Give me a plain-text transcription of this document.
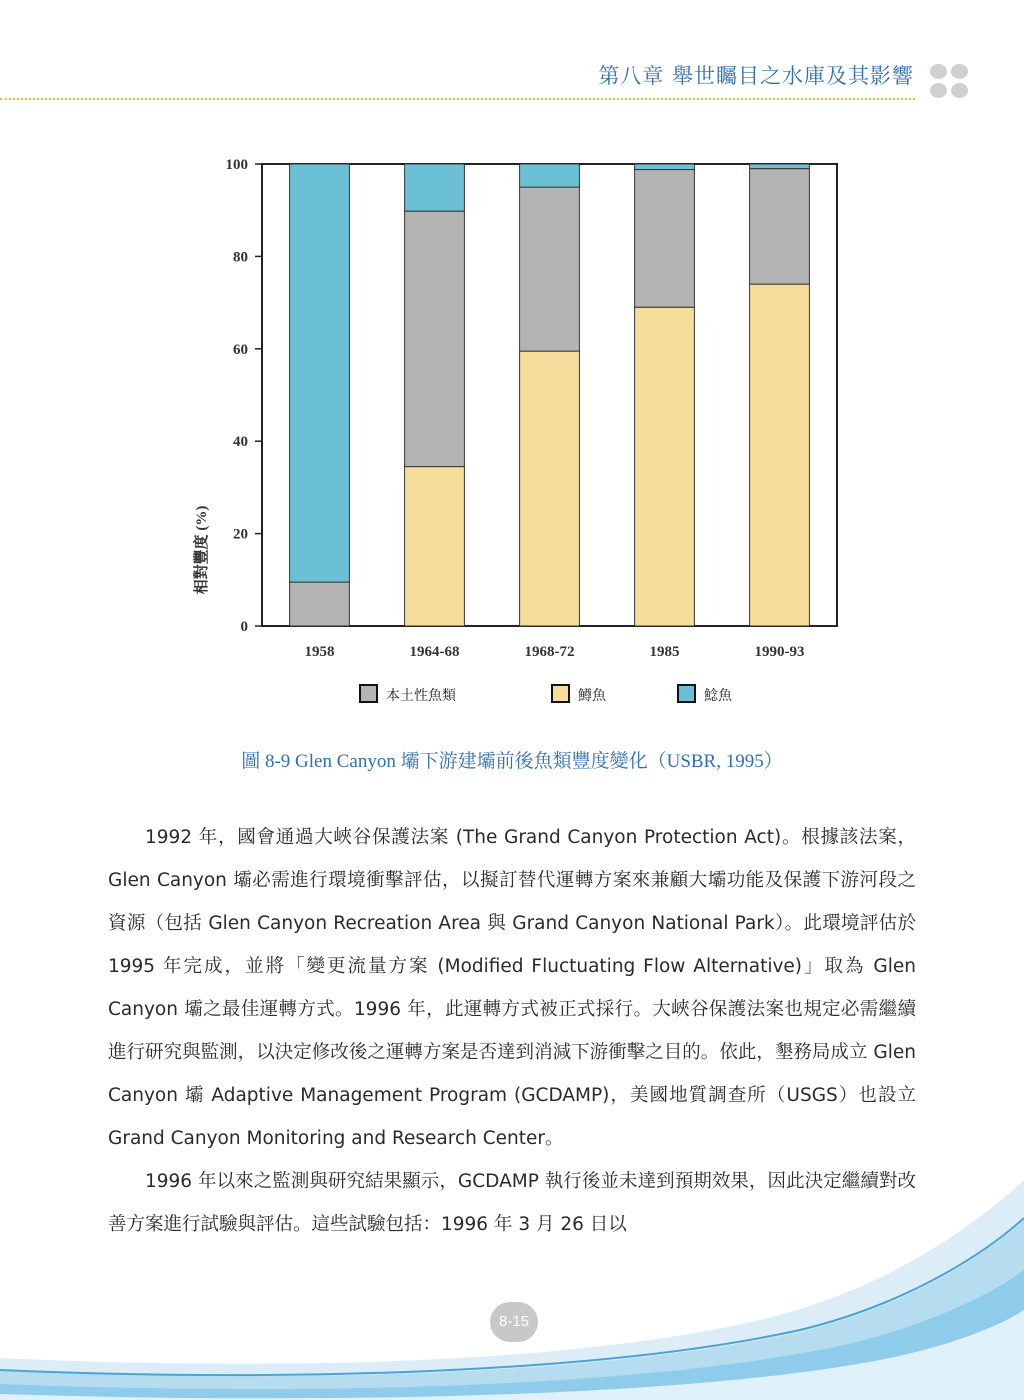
第八章 舉世矚目之水庫及其影響
0
20
40
60
80
100
1958	1964-68	1968-72	1985	1990-93
相對豐度 (%)
本土性魚類	鱒魚	鯰魚
圖 8-9 Glen Canyon 壩下游建壩前後魚類豐度變化（USBR, 1995）

1992 年，國會通過大峽谷保護法案 (The Grand Canyon Protection Act)。根據該法案，Glen Canyon 壩必需進行環境衝擊評估，以擬訂替代運轉方案來兼顧大壩功能及保護下游河段之資源（包括 Glen Canyon Recreation Area 與 Grand Canyon National Park）。此環境評估於 1995 年完成，並將「變更流量方案 (Modified Fluctuating Flow Alternative)」取為 Glen Canyon 壩之最佳運轉方式。1996 年，此運轉方式被正式採行。大峽谷保護法案也規定必需繼續進行研究與監測，以決定修改後之運轉方案是否達到消減下游衝擊之目的。依此，墾務局成立 Glen Canyon 壩 Adaptive Management Program (GCDAMP)，美國地質調查所（USGS）也設立 Grand Canyon Monitoring and Research Center。

1996 年以來之監測與研究結果顯示，GCDAMP 執行後並未達到預期效果，因此決定繼續對改善方案進行試驗與評估。這些試驗包括：1996 年 3 月 26 日以

8-15
